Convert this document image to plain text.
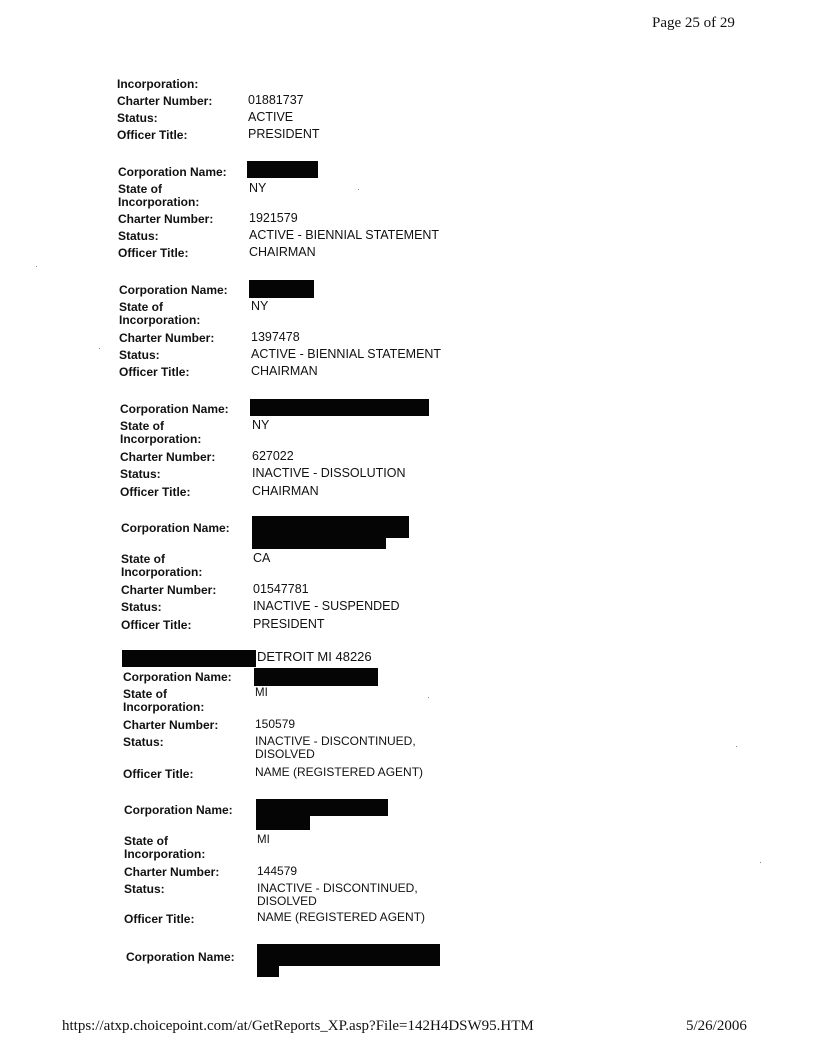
Page 25 of 29
Incorporation:
Charter Number:	01881737
Status:	ACTIVE
Officer Title:	PRESIDENT
Corporation Name:
State of	NY
Incorporation:
Charter Number:	1921579
Status:	ACTIVE - BIENNIAL STATEMENT
Officer Title:	CHAIRMAN
Corporation Name:
State of	NY
Incorporation:
Charter Number:	1397478
Status:	ACTIVE - BIENNIAL STATEMENT
Officer Title:	CHAIRMAN
Corporation Name:
State of	NY
Incorporation:
Charter Number:	627022
Status:	INACTIVE - DISSOLUTION
Officer Title:	CHAIRMAN
Corporation Name:
State of	CA
Incorporation:
Charter Number:	01547781
Status:	INACTIVE - SUSPENDED
Officer Title:	PRESIDENT
DETROIT MI 48226
Corporation Name:
State of	MI
Incorporation:
Charter Number:	150579
Status:	INACTIVE - DISCONTINUED,
DISOLVED
Officer Title:	NAME (REGISTERED AGENT)
Corporation Name:
State of	MI
Incorporation:
Charter Number:	144579
Status:	INACTIVE - DISCONTINUED,
DISOLVED
Officer Title:	NAME (REGISTERED AGENT)
Corporation Name:
https://atxp.choicepoint.com/at/GetReports_XP.asp?File=142H4DSW95.HTM	5/26/2006
